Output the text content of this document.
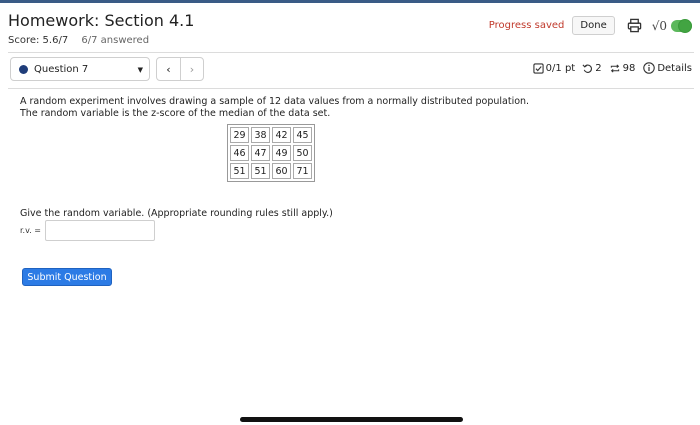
Homework: Section 4.1
Score: 5.6/7 6/7 answered
Progress saved	Done	√0
Question 7	▼	‹	›	0/1 pt 2 98 Details
A random experiment involves drawing a sample of 12 data values from a normally distributed population. The random variable is the z-score of the median of the data set.
29	38	42	45
46	47	49	50
51	51	60	71
Give the random variable. (Appropriate rounding rules still apply.)
r.v. =
Submit Question
